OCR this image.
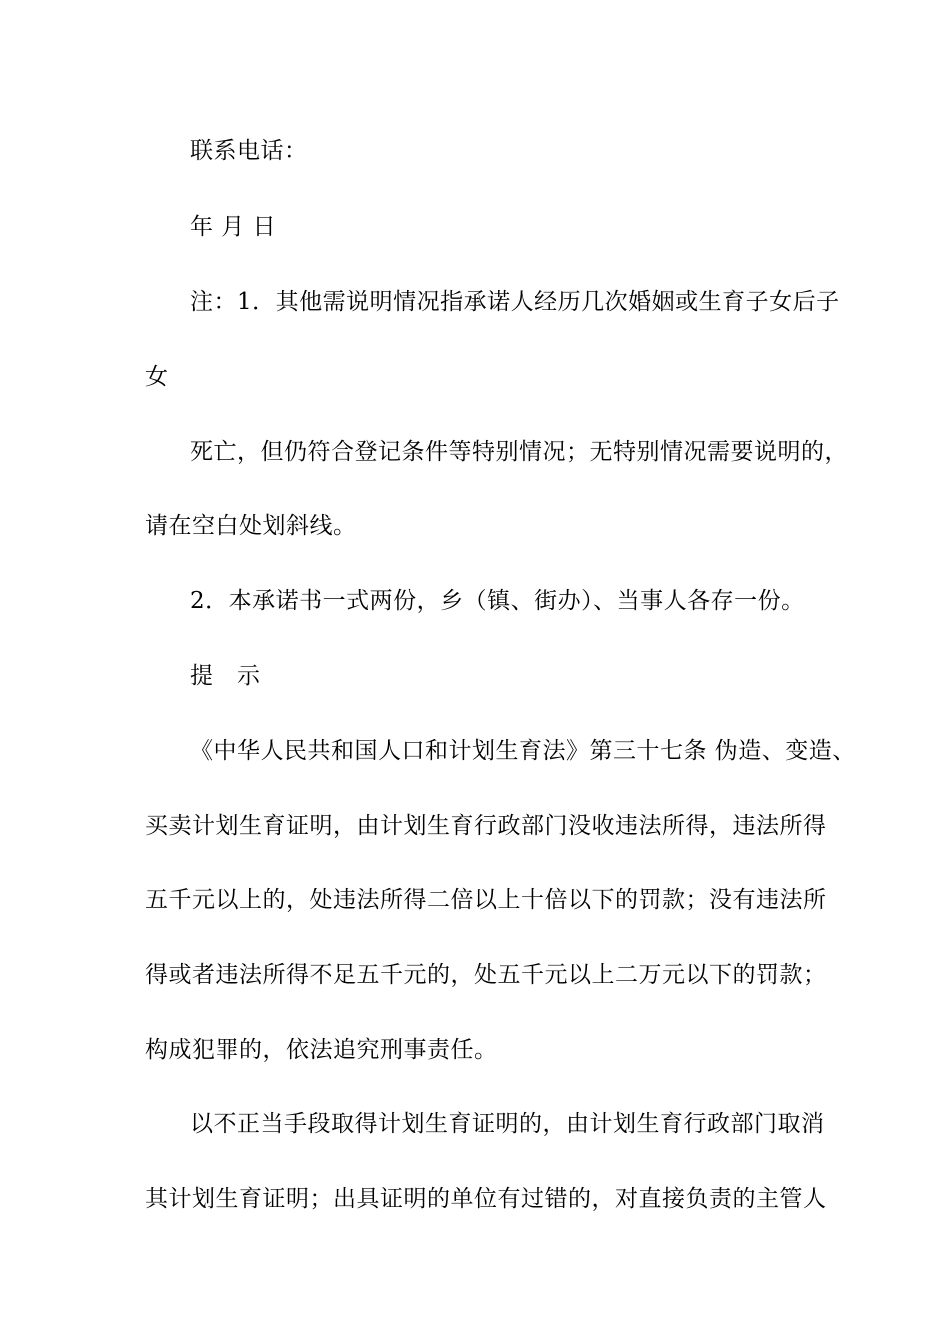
联系电话：
年 月 日
注：1．其他需说明情况指承诺人经历几次婚姻或生育子女后子
女
死亡，但仍符合登记条件等特别情况；无特别情况需要说明的，
请在空白处划斜线。
2．本承诺书一式两份，乡（镇、街办）、当事人各存一份。
提　示
《中华人民共和国人口和计划生育法》第三十七条 伪造、变造、
买卖计划生育证明，由计划生育行政部门没收违法所得，违法所得
五千元以上的，处违法所得二倍以上十倍以下的罚款；没有违法所
得或者违法所得不足五千元的，处五千元以上二万元以下的罚款；
构成犯罪的，依法追究刑事责任。
以不正当手段取得计划生育证明的，由计划生育行政部门取消
其计划生育证明；出具证明的单位有过错的，对直接负责的主管人
